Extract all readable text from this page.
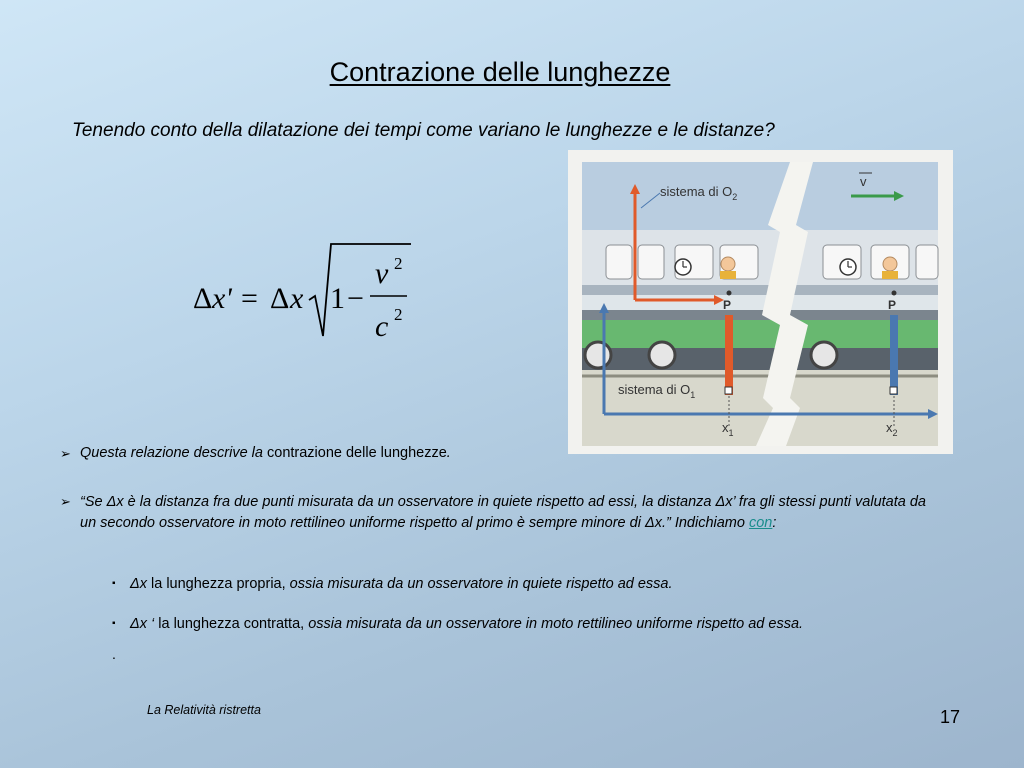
Contrazione delle lunghezze
Tenendo conto della dilatazione dei tempi come variano le lunghezze e le distanze?
Δ x' = Δ x 1 −
v
c
2
2
sistema di $O_2$
v
sistema di $O_1$
P
$x_1$
P
$x_2$
➢ Questa relazione descrive la contrazione delle lunghezze.
➢ “Se Δx è la distanza fra due punti misurata da un osservatore in quiete rispetto ad essi, la distanza Δx’ fra gli stessi punti valutata da un secondo osservatore in moto rettilineo uniforme rispetto al primo è sempre minore di Δx.” Indichiamo con:
▪ Δx la lunghezza propria, ossia misurata da un osservatore in quiete rispetto ad essa.
▪ Δx ‘ la lunghezza contratta, ossia misurata da un osservatore in moto rettilineo uniforme rispetto ad essa.
.
La Relatività ristretta	17
